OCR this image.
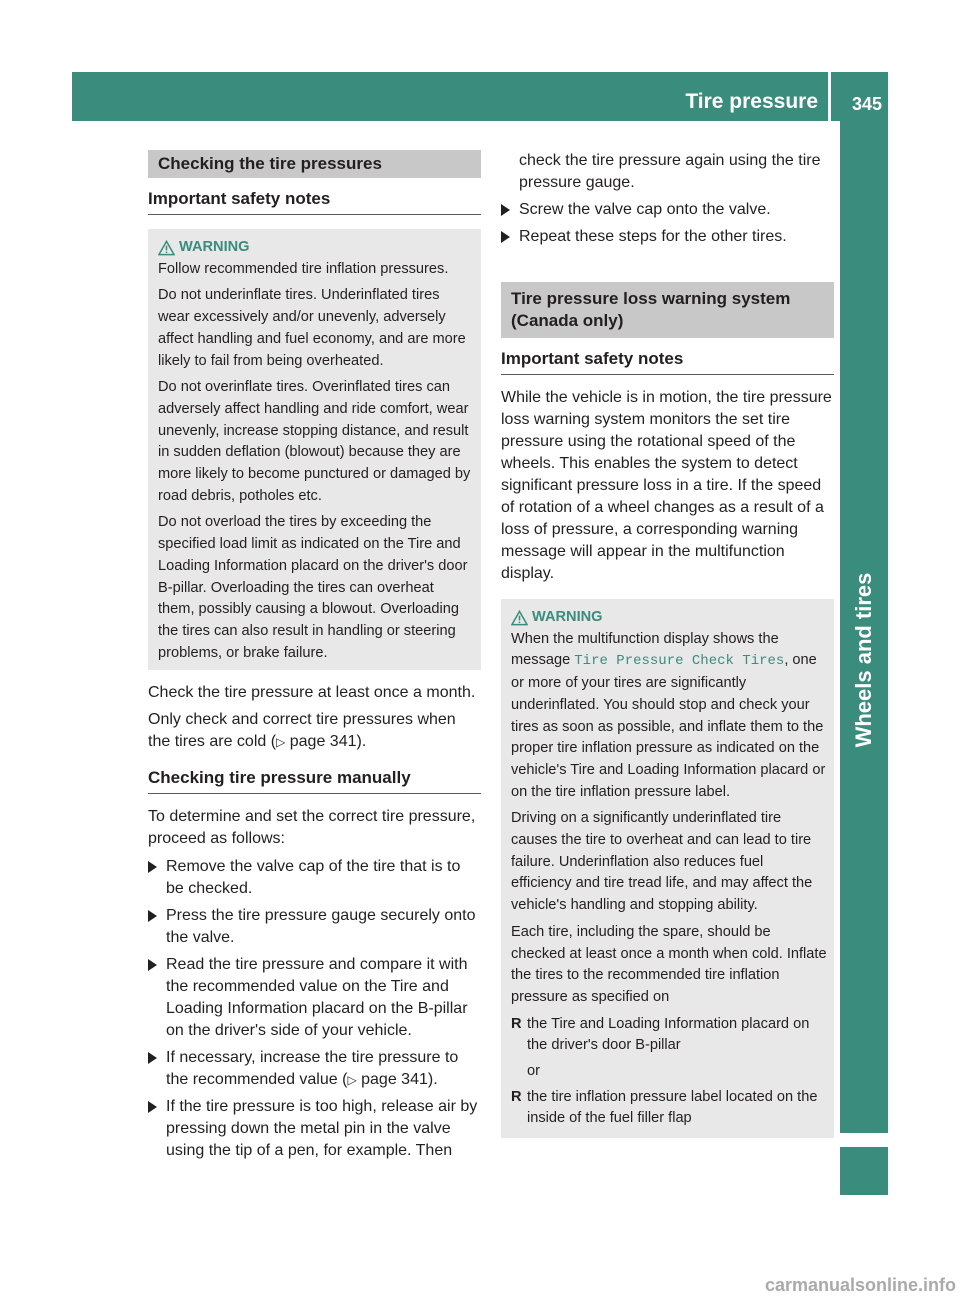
Tire pressure 345
Wheels and tires
Checking the tire pressures
Important safety notes
WARNING

Follow recommended tire inflation pressures.

Do not underinflate tires. Underinflated tires wear excessively and/or unevenly, adversely affect handling and fuel economy, and are more likely to fail from being overheated.

Do not overinflate tires. Overinflated tires can adversely affect handling and ride comfort, wear unevenly, increase stopping distance, and result in sudden deflation (blowout) because they are more likely to become punctured or damaged by road debris, potholes etc.

Do not overload the tires by exceeding the specified load limit as indicated on the Tire and Loading Information placard on the driver's door B-pillar. Overloading the tires can overheat them, possibly causing a blowout. Overloading the tires can also result in handling or steering problems, or brake failure.

Check the tire pressure at least once a month.

Only check and correct tire pressures when the tires are cold (▷ page 341).

Checking tire pressure manually

To determine and set the correct tire pressure, proceed as follows:

Remove the valve cap of the tire that is to be checked.
Press the tire pressure gauge securely onto the valve.
Read the tire pressure and compare it with the recommended value on the Tire and Loading Information placard on the B-pillar on the driver's side of your vehicle.
If necessary, increase the tire pressure to the recommended value (▷ page 341).
If the tire pressure is too high, release air by pressing down the metal pin in the valve using the tip of a pen, for example. Then
check the tire pressure again using the tire pressure gauge.
Screw the valve cap onto the valve.
Repeat these steps for the other tires.
Tire pressure loss warning system (Canada only)
Important safety notes

While the vehicle is in motion, the tire pressure loss warning system monitors the set tire pressure using the rotational speed of the wheels. This enables the system to detect significant pressure loss in a tire. If the speed of rotation of a wheel changes as a result of a loss of pressure, a corresponding warning message will appear in the multifunction display.

WARNING

When the multifunction display shows the message Tire Pressure Check Tires, one or more of your tires are significantly underinflated. You should stop and check your tires as soon as possible, and inflate them to the proper tire inflation pressure as indicated on the vehicle's Tire and Loading Information placard or on the tire inflation pressure label.

Driving on a significantly underinflated tire causes the tire to overheat and can lead to tire failure. Underinflation also reduces fuel efficiency and tire tread life, and may affect the vehicle's handling and stopping ability.

Each tire, including the spare, should be checked at least once a month when cold. Inflate the tires to the recommended tire inflation pressure as specified on

R the Tire and Loading Information placard on the driver's door B-pillar
or
R the tire inflation pressure label located on the inside of the fuel filler flap
carmanualsonline.info
